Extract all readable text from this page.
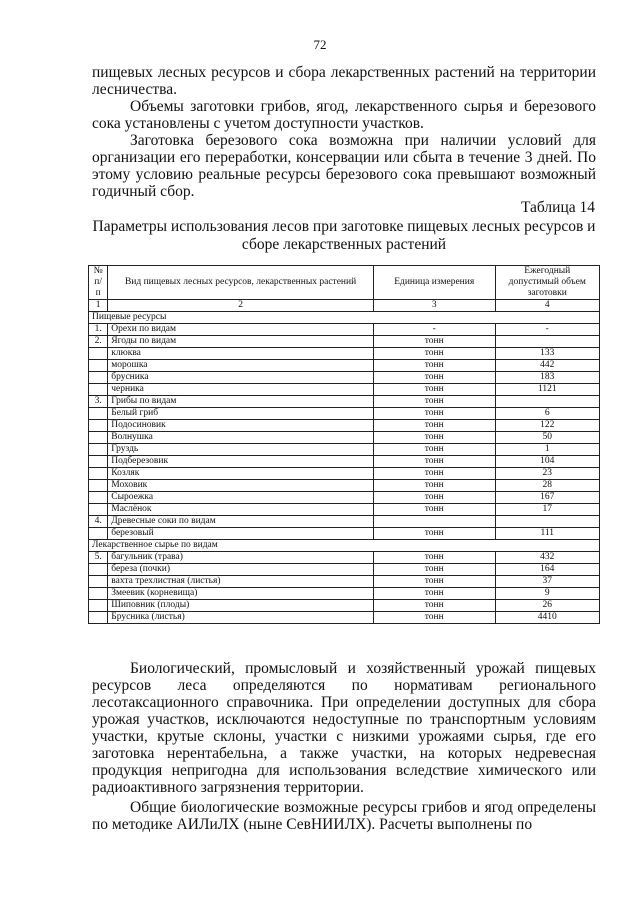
72

пищевых лесных ресурсов и сбора лекарственных растений на территории лесничества.

Объемы заготовки грибов, ягод, лекарственного сырья и березового сока установлены с учетом доступности участков.

Заготовка березового сока возможна при наличии условий для организации его переработки, консервации или сбыта в течение 3 дней. По этому условию реальные ресурсы березового сока превышают возможный годичный сбор.

Таблица 14
Параметры использования лесов при заготовке пищевых лесных ресурсов и сборе лекарственных растений
№ п/п	Вид пищевых лесных ресурсов, лекарственных растений	Единица измерения	Ежегодный допустимый объем заготовки
1	2	3	4
Пищевые ресурсы			
1.	Орехи по видам	-	-
2.	Ягоды по видам	тонн	
	клюква	тонн	133
	морошка	тонн	442
	брусника	тонн	183
	черника	тонн	1121
3.	Грибы по видам	тонн	
	Белый гриб	тонн	6
	Подосиновик	тонн	122
	Волнушка	тонн	50
	Груздь	тонн	1
	Подберезовик	тонн	104
	Козляк	тонн	23
	Моховик	тонн	28
	Сыроежка	тонн	167
	Маслёнок	тонн	17
4.	Древесные соки по видам		
	березовый	тонн	111
Лекарственное сырье по видам			
5.	багульник (трава)	тонн	432
	береза (почки)	тонн	164
	вахта трехлистная (листья)	тонн	37
	Змеевик (корневища)	тонн	9
	Шиповник (плоды)	тонн	26
	Брусника (листья)	тонн	4410

Биологический, промысловый и хозяйственный урожай пищевых ресурсов леса определяются по нормативам регионального лесотаксационного справочника. При определении доступных для сбора урожая участков, исключаются недоступные по транспортным условиям участки, крутые склоны, участки с низкими урожаями сырья, где его заготовка нерентабельна, а также участки, на которых недревесная продукция непригодна для использования вследствие химического или радиоактивного загрязнения территории.

Общие биологические возможные ресурсы грибов и ягод определены по методике АИЛиЛХ (ныне СевНИИЛХ). Расчеты выполнены по
